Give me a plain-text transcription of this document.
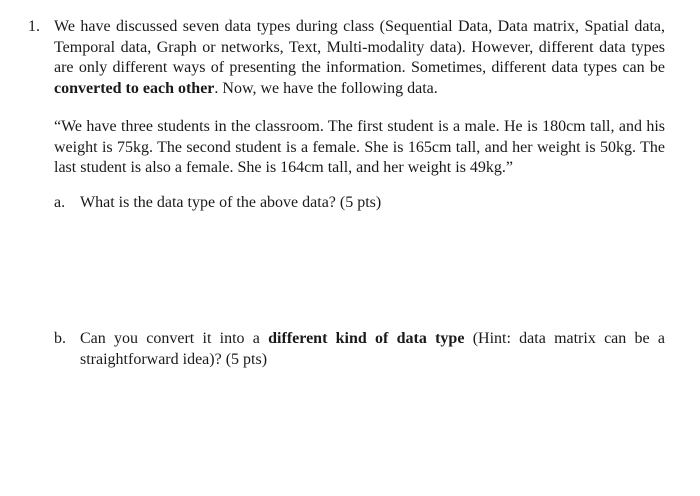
1. We have discussed seven data types during class (Sequential Data, Data matrix, Spatial data, Temporal data, Graph or networks, Text, Multi-modality data). However, different data types are only different ways of presenting the information. Sometimes, different data types can be converted to each other. Now, we have the following data.

“We have three students in the classroom. The first student is a male. He is 180cm tall, and his weight is 75kg. The second student is a female. She is 165cm tall, and her weight is 50kg. The last student is also a female. She is 164cm tall, and her weight is 49kg.”

a. What is the data type of the above data? (5 pts)
b. Can you convert it into a different kind of data type (Hint: data matrix can be a straightforward idea)? (5 pts)
